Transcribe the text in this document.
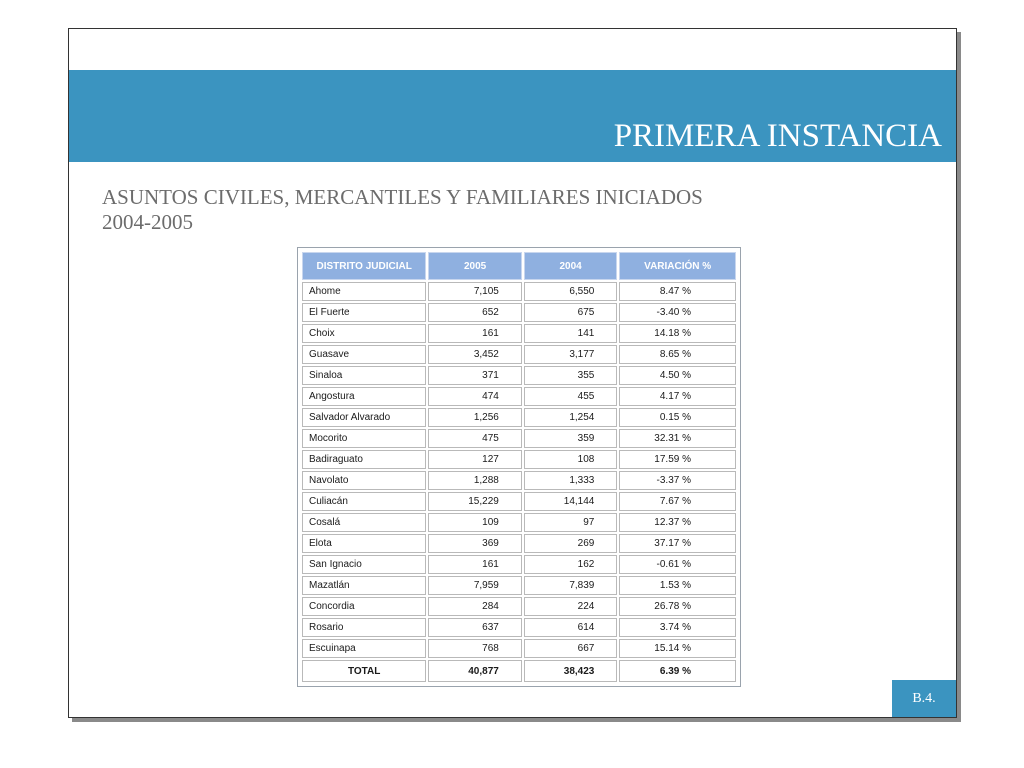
PRIMERA INSTANCIA
ASUNTOS CIVILES, MERCANTILES Y FAMILIARES INICIADOS
2004-2005
DISTRITO JUDICIAL	2005	2004	VARIACIÓN %
Ahome	7,105	6,550	8.47 %
El Fuerte	652	675	-3.40 %
Choix	161	141	14.18 %
Guasave	3,452	3,177	8.65 %
Sinaloa	371	355	4.50 %
Angostura	474	455	4.17 %
Salvador Alvarado	1,256	1,254	0.15 %
Mocorito	475	359	32.31 %
Badiraguato	127	108	17.59 %
Navolato	1,288	1,333	-3.37 %
Culiacán	15,229	14,144	7.67 %
Cosalá	109	97	12.37 %
Elota	369	269	37.17 %
San Ignacio	161	162	-0.61 %
Mazatlán	7,959	7,839	1.53 %
Concordia	284	224	26.78 %
Rosario	637	614	3.74 %
Escuinapa	768	667	15.14 %
TOTAL	40,877	38,423	6.39 %
B.4.
